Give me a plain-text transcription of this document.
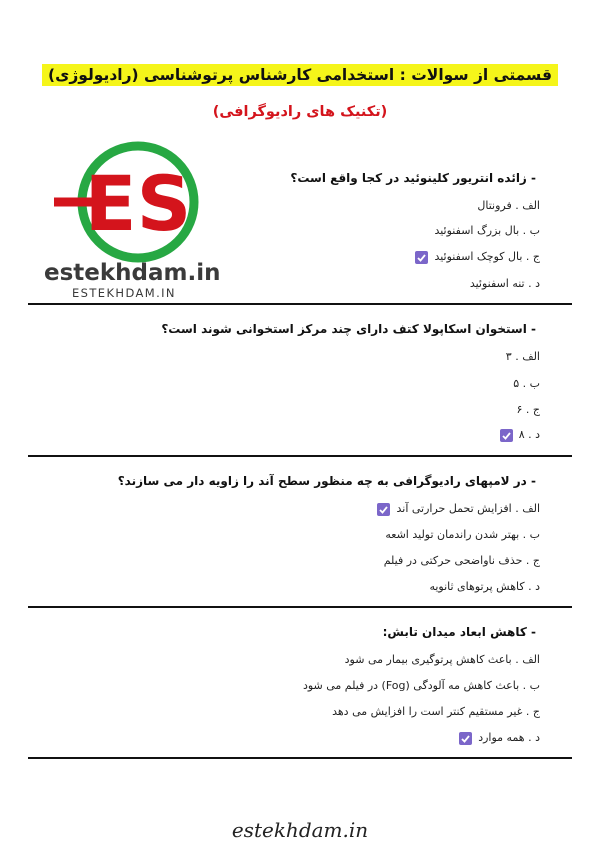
قسمتی از سوالات : استخدامی کارشناس پرتوشناسی (رادیولوژی)
(تکنیک های رادیوگرافی)
ES
estekhdam.in
ESTEKHDAM.IN
- زائده انتریور کلینوئید در کجا واقع است؟
الف . فرونتال
ب . بال بزرگ اسفنوئید
ج . بال کوچک اسفنوئید
د . تنه اسفنوئید
- استخوان اسکاپولا کتف دارای چند مرکز استخوانی شوند است؟
الف . ۳
ب . ۵
ج . ۶
د . ۸
- در لامپهای رادیوگرافی به چه منظور سطح آند را زاویه دار می سازند؟
الف . افزایش تحمل حرارتی آند
ب . بهتر شدن راندمان تولید اشعه
ج . حذف ناواضحی حرکتی در فیلم
د . کاهش پرتوهای ثانویه
- کاهش ابعاد میدان تابش:
الف . باعث کاهش پرتوگیری بیمار می شود
ب . باعث کاهش مه آلودگی (Fog) در فیلم می شود
ج . غیر مستقیم کنتر است را افزایش می دهد
د . همه موارد
estekhdam.in
